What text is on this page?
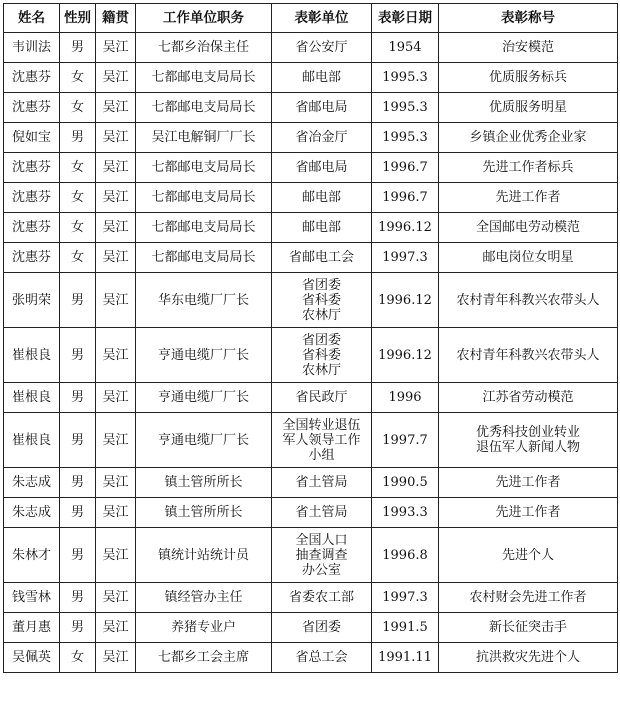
姓名	性别	籍贯	工作单位职务	表彰单位	表彰日期	表彰称号
韦训法	男	吴江	七都乡治保主任	省公安厅	1954	治安模范
沈惠芬	女	吴江	七都邮电支局局长	邮电部	1995.3	优质服务标兵
沈惠芬	女	吴江	七都邮电支局局长	省邮电局	1995.3	优质服务明星
倪如宝	男	吴江	吴江电解铜厂厂长	省冶金厅	1995.3	乡镇企业优秀企业家
沈惠芬	女	吴江	七都邮电支局局长	省邮电局	1996.7	先进工作者标兵
沈惠芬	女	吴江	七都邮电支局局长	邮电部	1996.7	先进工作者
沈惠芬	女	吴江	七都邮电支局局长	邮电部	1996.12	全国邮电劳动模范
沈惠芬	女	吴江	七都邮电支局局长	省邮电工会	1997.3	邮电岗位女明星
张明荣	男	吴江	华东电缆厂厂长	省团委
省科委
农林厅	1996.12	农村青年科教兴农带头人
崔根良	男	吴江	亨通电缆厂厂长	省团委
省科委
农林厅	1996.12	农村青年科教兴农带头人
崔根良	男	吴江	亨通电缆厂厂长	省民政厅	1996	江苏省劳动模范
崔根良	男	吴江	亨通电缆厂厂长	全国转业退伍
军人领导工作
小组	1997.7	优秀科技创业转业
退伍军人新闻人物
朱志成	男	吴江	镇土管所所长	省土管局	1990.5	先进工作者
朱志成	男	吴江	镇土管所所长	省土管局	1993.3	先进工作者
朱林才	男	吴江	镇统计站统计员	全国人口
抽查调查
办公室	1996.8	先进个人
钱雪林	男	吴江	镇经管办主任	省委农工部	1997.3	农村财会先进工作者
董月惠	男	吴江	养猪专业户	省团委	1991.5	新长征突击手
吴佩英	女	吴江	七都乡工会主席	省总工会	1991.11	抗洪救灾先进个人
